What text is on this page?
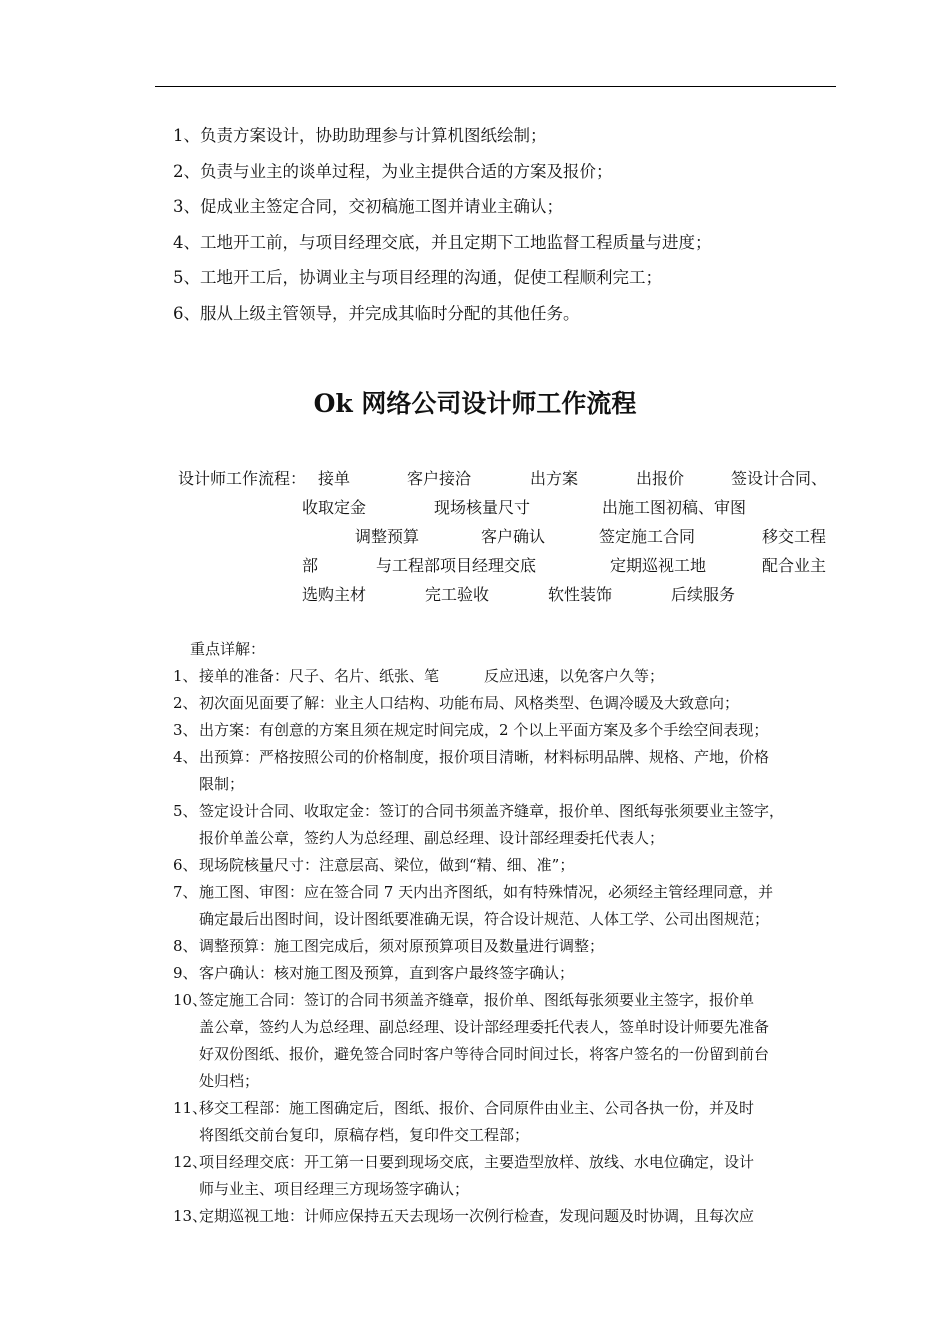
1、负责方案设计，协助助理参与计算机图纸绘制；
2、负责与业主的谈单过程，为业主提供合适的方案及报价；
3、促成业主签定合同，交初稿施工图并请业主确认；
4、工地开工前，与项目经理交底，并且定期下工地监督工程质量与进度；
5、工地开工后，协调业主与项目经理的沟通，促使工程顺利完工；
6、服从上级主管领导，并完成其临时分配的其他任务。
Ok 网络公司设计师工作流程
设计师工作流程： 接单	客户接洽	出方案	出报价	签设计合同、
收取定金	现场核量尺寸	出施工图初稿、审图
调整预算	客户确认	签定施工合同	移交工程
部	与工程部项目经理交底	定期巡视工地	配合业主
选购主材	完工验收	软性装饰	后续服务
重点详解：
1、接单的准备：尺子、名片、纸张、笔　　　反应迅速，以免客户久等；
2、初次面见面要了解：业主人口结构、功能布局、风格类型、色调冷暖及大致意向；
3、出方案：有创意的方案且须在规定时间完成，2 个以上平面方案及多个手绘空间表现；
4、出预算：严格按照公司的价格制度，报价项目清晰，材料标明品牌、规格、产地，价格
限制；
5、签定设计合同、收取定金：签订的合同书须盖齐缝章，报价单、图纸每张须要业主签字，
报价单盖公章，签约人为总经理、副总经理、设计部经理委托代表人；
6、现场院核量尺寸：注意层高、梁位，做到“精、细、准”；
7、施工图、审图：应在签合同 7 天内出齐图纸，如有特殊情况，必须经主管经理同意，并
确定最后出图时间，设计图纸要准确无误，符合设计规范、人体工学、公司出图规范；
8、调整预算：施工图完成后，须对原预算项目及数量进行调整；
9、客户确认：核对施工图及预算，直到客户最终签字确认；
10、签定施工合同：签订的合同书须盖齐缝章，报价单、图纸每张须要业主签字，报价单
盖公章，签约人为总经理、副总经理、设计部经理委托代表人，签单时设计师要先准备
好双份图纸、报价，避免签合同时客户等待合同时间过长，将客户签名的一份留到前台
处归档；
11、移交工程部：施工图确定后，图纸、报价、合同原件由业主、公司各执一份，并及时
将图纸交前台复印，原稿存档，复印件交工程部；
12、项目经理交底：开工第一日要到现场交底，主要造型放样、放线、水电位确定，设计
师与业主、项目经理三方现场签字确认；
13、定期巡视工地：计师应保持五天去现场一次例行检查，发现问题及时协调，且每次应
